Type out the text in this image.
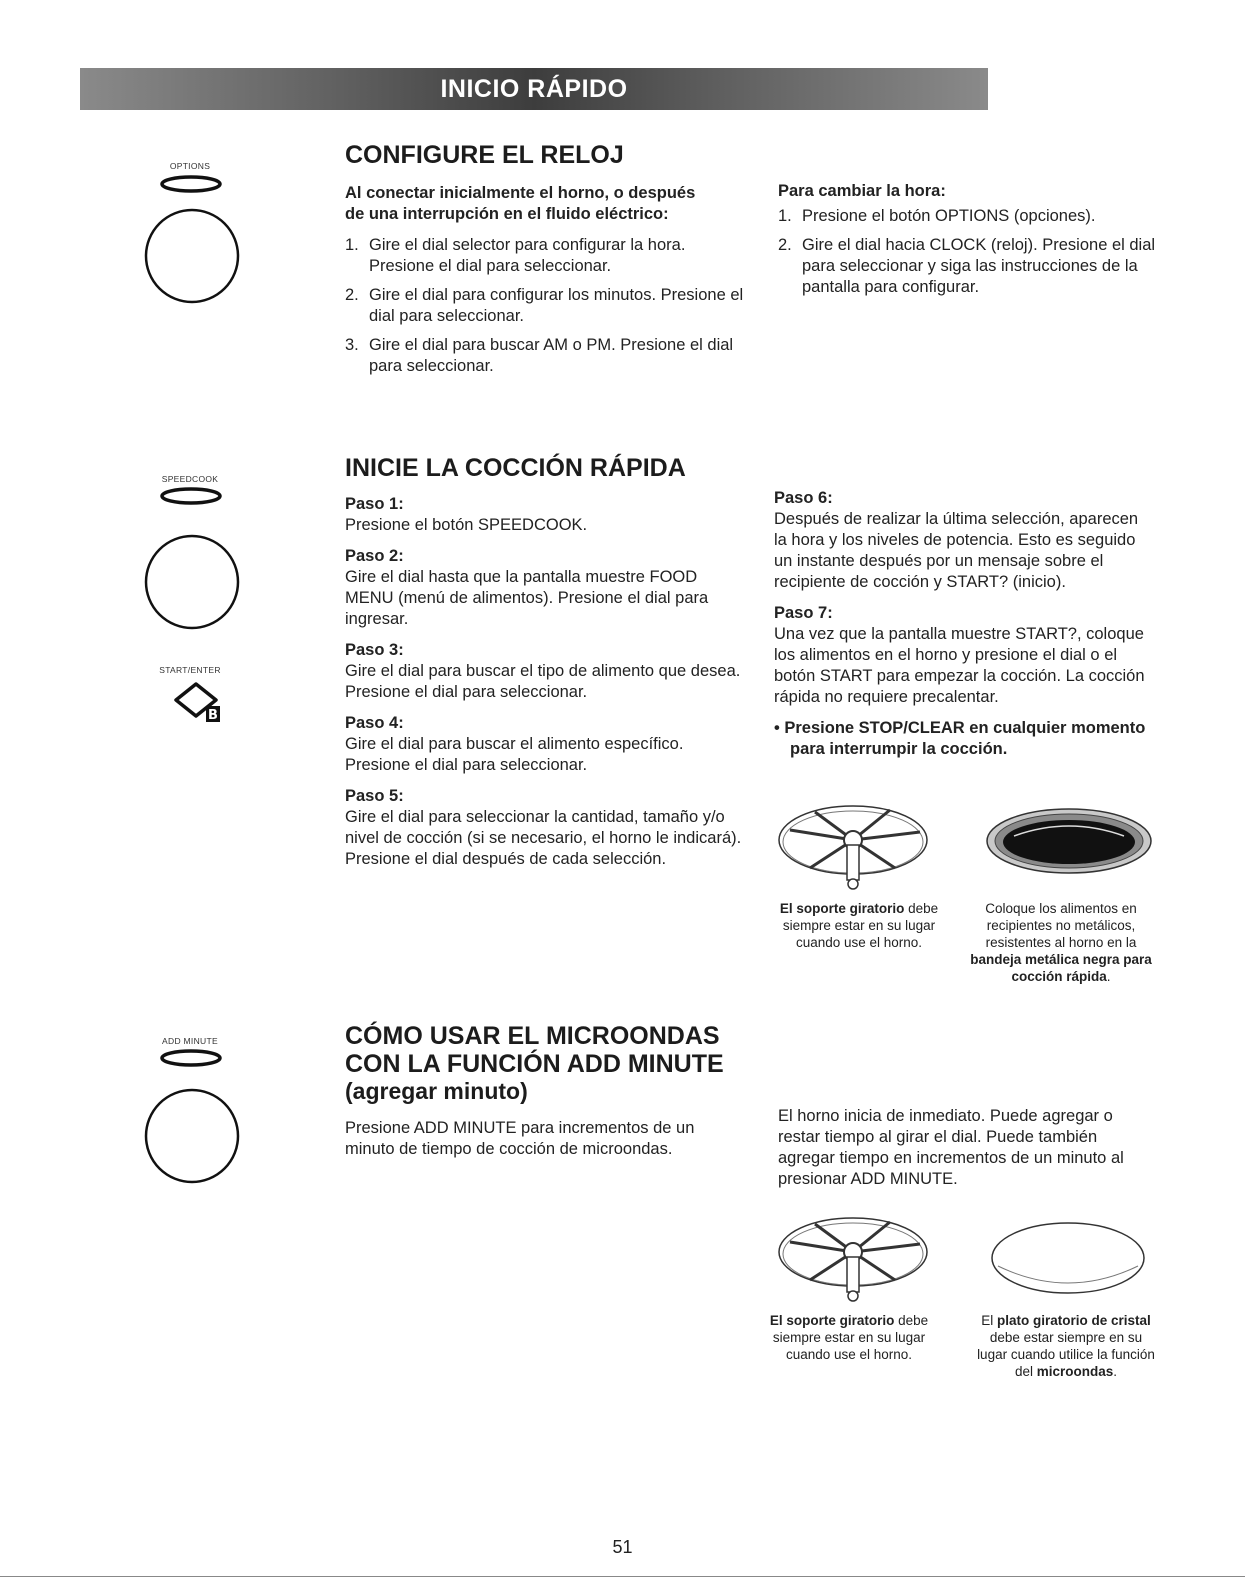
INICIO RÁPIDO
OPTIONS
SPEEDCOOK
START/ENTER
B
ADD MINUTE
CONFIGURE EL RELOJ

Al conectar inicialmente el horno, o después de una interrupción en el fluido eléctrico:

1. Gire el dial selector para configurar la hora. Presione el dial para seleccionar.

2. Gire el dial para configurar los minutos. Presione el dial para seleccionar.

3. Gire el dial para buscar AM o PM. Presione el dial para seleccionar.

Para cambiar la hora:

1. Presione el botón OPTIONS (opciones).

2. Gire el dial hacia CLOCK (reloj). Presione el dial para seleccionar y siga las instrucciones de la pantalla para configurar.

INICIE LA COCCIÓN RÁPIDA
Paso 1:

Presione el botón SPEEDCOOK.

Paso 2:

Gire el dial hasta que la pantalla muestre FOOD MENU (menú de alimentos). Presione el dial para ingresar.

Paso 3:

Gire el dial para buscar el tipo de alimento que desea. Presione el dial para seleccionar.

Paso 4:

Gire el dial para buscar el alimento específico. Presione el dial para seleccionar.

Paso 5:

Gire el dial para seleccionar la cantidad, tamaño y/o nivel de cocción (si se necesario, el horno le indicará). Presione el dial después de cada selección.

Paso 6:

Después de realizar la última selección, aparecen la hora y los niveles de potencia. Esto es seguido un instante después por un mensaje sobre el recipiente de cocción y START? (inicio).

Paso 7:

Una vez que la pantalla muestre START?, coloque los alimentos en el horno y presione el dial o el botón START para empezar la cocción. La cocción rápida no requiere precalentar.

• Presione STOP/CLEAR en cualquier momento para interrumpir la cocción.

El soporte giratorio debe siempre estar en su lugar cuando use el horno.
Coloque los alimentos en recipientes no metálicos, resistentes al horno en la bandeja metálica negra para cocción rápida.
CÓMO USAR EL MICROONDAS
CON LA FUNCIÓN ADD MINUTE
(agregar minuto)

Presione ADD MINUTE para incrementos de un minuto de tiempo de cocción de microondas.

El horno inicia de inmediato. Puede agregar o restar tiempo al girar el dial. Puede también agregar tiempo en incrementos de un minuto al presionar ADD MINUTE.

El soporte giratorio debe siempre estar en su lugar cuando use el horno.
El plato giratorio de cristal debe estar siempre en su lugar cuando utilice la función del microondas.
51
